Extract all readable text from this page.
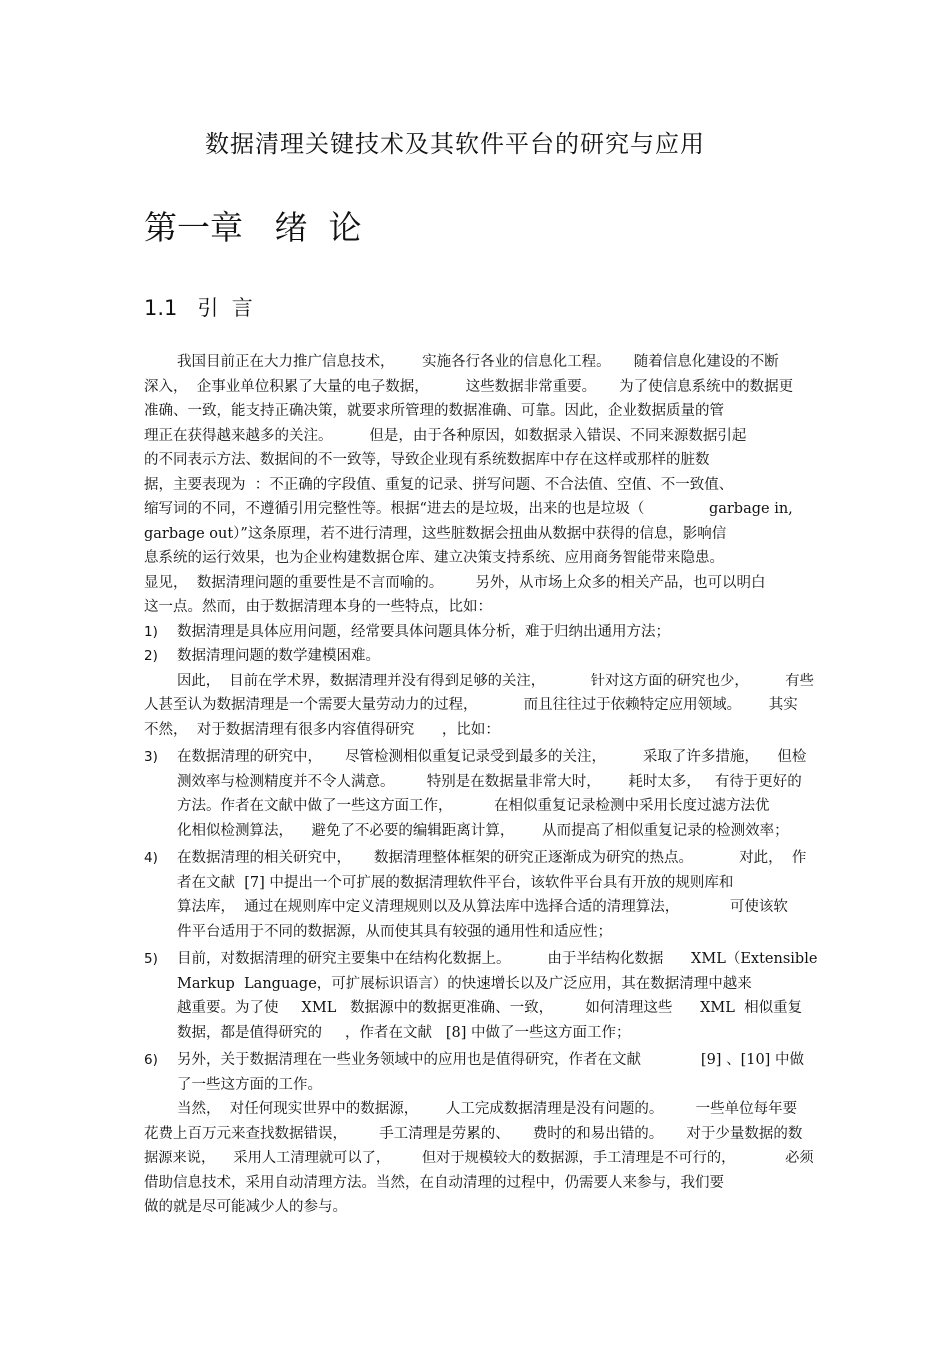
数据清理关键技术及其软件平台的研究与应用
第一章   绪  论
1.1   引  言
我国目前正在大力推广信息技术，      实施各行各业的信息化工程。     随着信息化建设的不断
深入，  企事业单位积累了大量的电子数据，        这些数据非常重要。     为了使信息系统中的数据更
准确、一致，能支持正确决策，就要求所管理的数据准确、可靠。因此，企业数据质量的管
理正在获得越来越多的关注。        但是，由于各种原因，如数据录入错误、不同来源数据引起
的不同表示方法、数据间的不一致等，导致企业现有系统数据库中存在这样或那样的脏数
据，主要表现为  ：不正确的字段值、重复的记录、拼写问题、不合法值、空值、不一致值、
缩写词的不同，不遵循引用完整性等。根据“进去的是垃圾，出来的也是垃圾（              garbage in,
garbage out）”这条原理，若不进行清理，这些脏数据会扭曲从数据中获得的信息，影响信
息系统的运行效果，也为企业构建数据仓库、建立决策支持系统、应用商务智能带来隐患。
显见，  数据清理问题的重要性是不言而喻的。       另外，从市场上众多的相关产品，也可以明白
这一点。然而，由于数据清理本身的一些特点，比如：
1)	数据清理是具体应用问题，经常要具体问题具体分析，难于归纳出通用方法；
2)	数据清理问题的数学建模困难。
因此，  目前在学术界，数据清理并没有得到足够的关注，          针对这方面的研究也少，        有些
人甚至认为数据清理是一个需要大量劳动力的过程，          而且往往过于依赖特定应用领域。      其实
不然，  对于数据清理有很多内容值得研究      ，比如：
3)	在数据清理的研究中，     尽管检测相似重复记录受到最多的关注，        采取了许多措施，    但检
测效率与检测精度并不令人满意。       特别是在数据量非常大时，      耗时太多，   有待于更好的
方法。作者在文献中做了一些这方面工作，         在相似重复记录检测中采用长度过滤方法优
化相似检测算法，    避免了不必要的编辑距离计算，      从而提高了相似重复记录的检测效率；
4)	在数据清理的相关研究中，     数据清理整体框架的研究正逐渐成为研究的热点。          对此，  作
者在文献  [7] 中提出一个可扩展的数据清理软件平台，该软件平台具有开放的规则库和
算法库，  通过在规则库中定义清理规则以及从算法库中选择合适的清理算法，           可使该软
件平台适用于不同的数据源，从而使其具有较强的通用性和适应性；
5)	目前，对数据清理的研究主要集中在结构化数据上。        由于半结构化数据      XML（Extensible
Markup  Language，可扩展标识语言）的快速增长以及广泛应用，其在数据清理中越来
越重要。为了使     XML   数据源中的数据更准确、一致，       如何清理这些      XML  相似重复
数据，都是值得研究的     ，作者在文献   [8] 中做了一些这方面工作；
6)	另外，关于数据清理在一些业务领域中的应用也是值得研究，作者在文献             [9] 、[10] 中做
了一些这方面的工作。
当然，  对任何现实世界中的数据源，      人工完成数据清理是没有问题的。       一些单位每年要
花费上百万元来查找数据错误，       手工清理是劳累的、     费时的和易出错的。     对于少量数据的数
据源来说，    采用人工清理就可以了，       但对于规模较大的数据源，手工清理是不可行的，           必须
借助信息技术，采用自动清理方法。当然，在自动清理的过程中，仍需要人来参与，我们要
做的就是尽可能减少人的参与。
